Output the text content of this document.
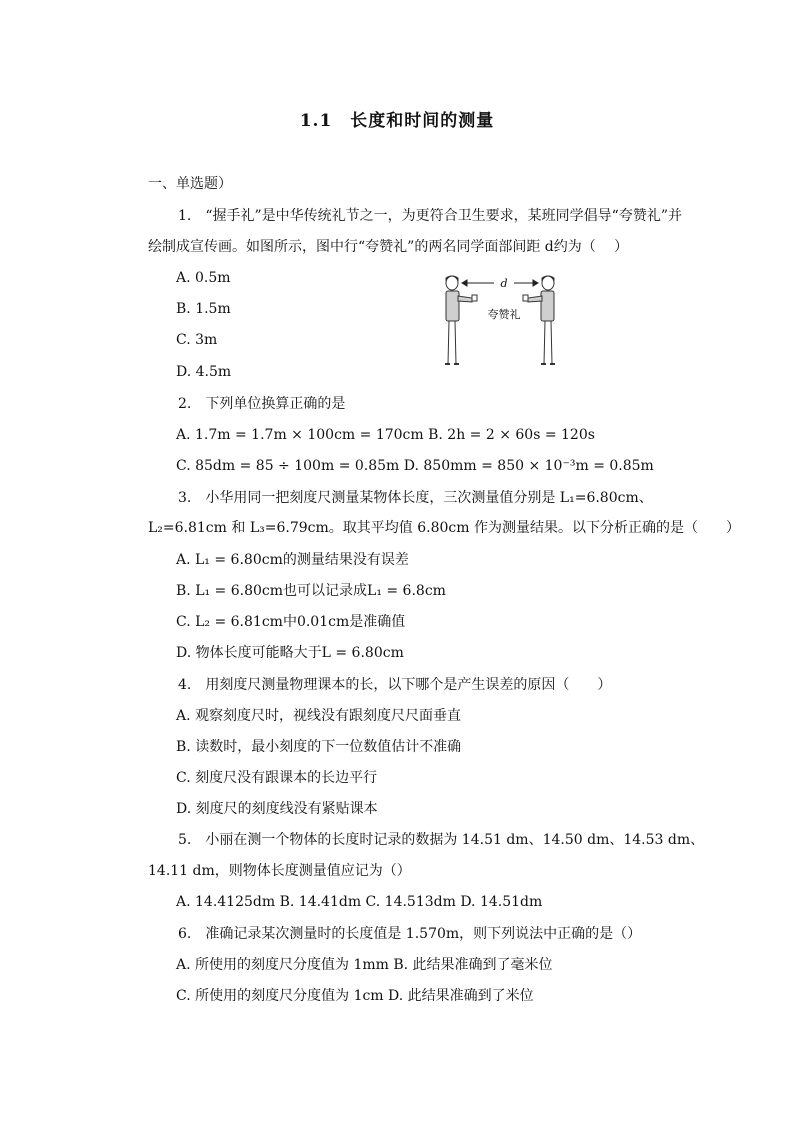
1.1　长度和时间的测量
一、单选题）
1.　“握手礼”是中华传统礼节之一，为更符合卫生要求，某班同学倡导“夸赞礼”并
绘制成宣传画。如图所示，图中行“夸赞礼”的两名同学面部间距 d约为（　 ）
A. 0.5m
B. 1.5m
C. 3m
D. 4.5m
d
夸赞礼
2.　下列单位换算正确的是
A. 1.7m = 1.7m × 100cm = 170cm B. 2h = 2 × 60s = 120s
C. 85dm = 85 ÷ 100m = 0.85m D. 850mm = 850 × 10⁻³m = 0.85m
3.　小华用同一把刻度尺测量某物体长度，三次测量值分别是 L₁=6.80cm、
L₂=6.81cm 和 L₃=6.79cm。取其平均值 6.80cm 作为测量结果。以下分析正确的是（　　）
A. L₁ = 6.80cm的测量结果没有误差
B. L₁ = 6.80cm也可以记录成L₁ = 6.8cm
C. L₂ = 6.81cm中0.01cm是准确值
D. 物体长度可能略大于L = 6.80cm
4.　用刻度尺测量物理课本的长，以下哪个是产生误差的原因（　　）
A. 观察刻度尺时，视线没有跟刻度尺尺面垂直
B. 读数时，最小刻度的下一位数值估计不准确
C. 刻度尺没有跟课本的长边平行
D. 刻度尺的刻度线没有紧贴课本
5.　小丽在测一个物体的长度时记录的数据为 14.51 dm、14.50 dm、14.53 dm、
14.11 dm，则物体长度测量值应记为（）
A. 14.4125dm B. 14.41dm C. 14.513dm D. 14.51dm
6.　准确记录某次测量时的长度值是 1.570m，则下列说法中正确的是（）
A. 所使用的刻度尺分度值为 1mm B. 此结果准确到了毫米位
C. 所使用的刻度尺分度值为 1cm D. 此结果准确到了米位
